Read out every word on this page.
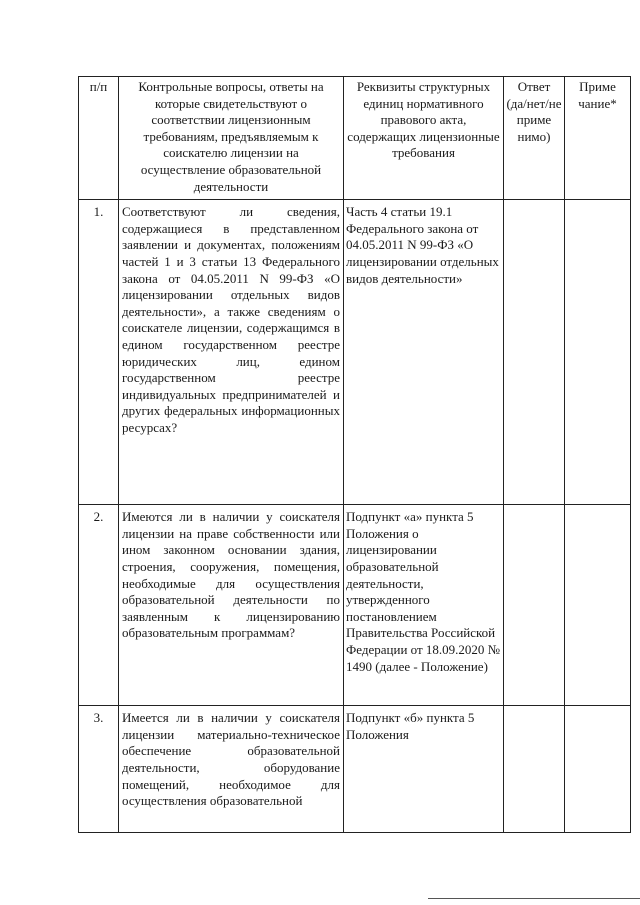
п/п	Контрольные вопросы, ответы на которые свидетельствуют о соответствии лицензионным требованиям, предъявляемым к соискателю лицензии на осуществление образовательной деятельности	Реквизиты структурных единиц нормативного правового акта, содержащих лицензионные требования	Ответ (да/нет/не приме нимо)	Приме чание*
1.	Соответствуют ли сведения, содержащиеся в представленном заявлении и документах, положениям частей 1 и 3 статьи 13 Федерального закона от 04.05.2011 N 99-ФЗ «О лицензировании отдельных видов деятельности», а также сведениям о соискателе лицензии, содержащимся в едином государственном реестре юридических лиц, едином государственном реестре индивидуальных предпринимателей и других федеральных информационных ресурсах?	Часть 4 статьи 19.1 Федерального закона от 04.05.2011 N 99-ФЗ «О лицензировании отдельных видов деятельности»		
2.	Имеются ли в наличии у соискателя лицензии на праве собственности или ином законном основании здания, строения, сооружения, помещения, необходимые для осуществления образовательной деятельности по заявленным к лицензированию образовательным программам?	Подпункт «а» пункта 5 Положения о лицензировании образовательной деятельности, утвержденного постановлением Правительства Российской Федерации от 18.09.2020 № 1490 (далее - Положение)		
3.	Имеется ли в наличии у соискателя лицензии материально-техническое обеспечение образовательной деятельности, оборудование помещений, необходимое для осуществления образовательной	Подпункт «б» пункта 5 Положения		
